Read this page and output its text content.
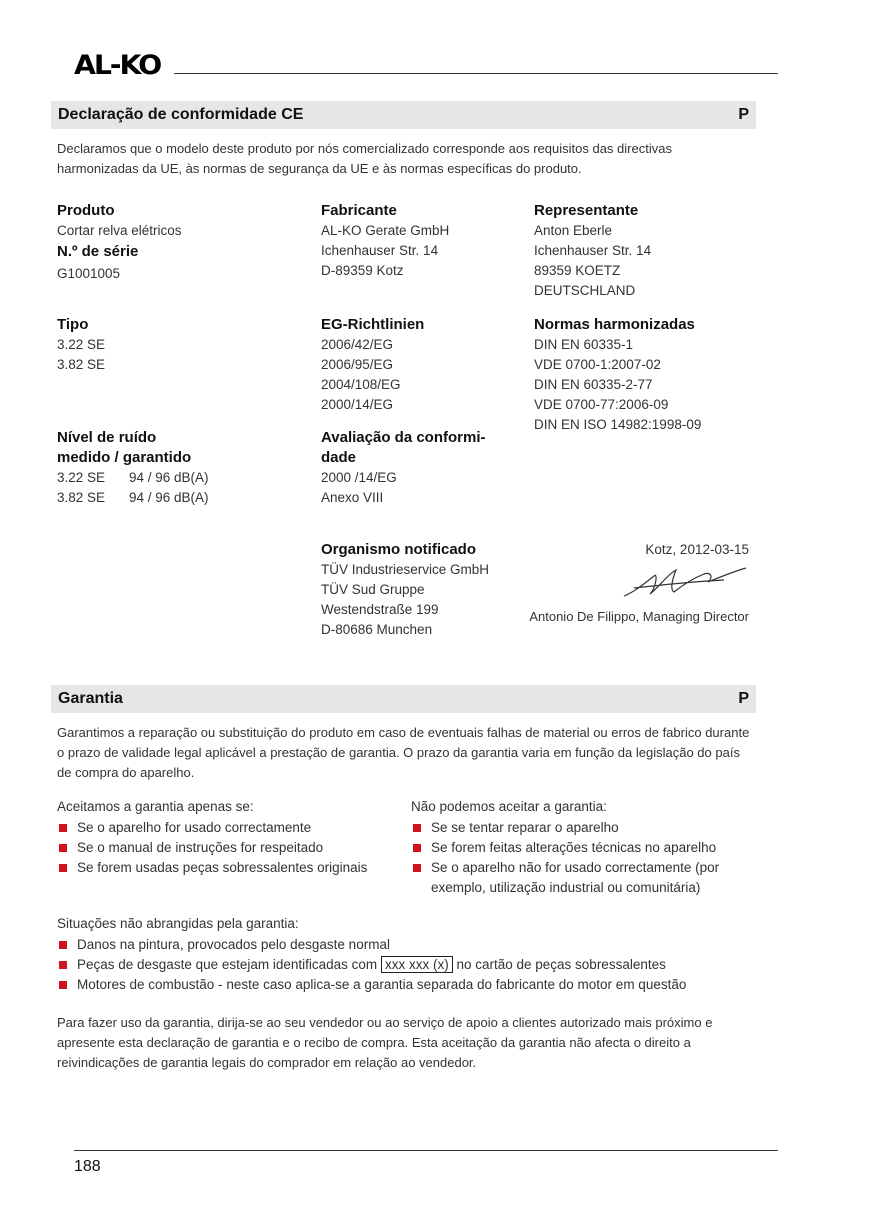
AL-KO
Declaração de conformidade CE	P
Declaramos que o modelo deste produto por nós comercializado corresponde aos requisitos das directivas harmonizadas da UE, às normas de segurança da UE e às normas específicas do produto.
Produto
Cortar relva elétricos
N.º de série
G1001005
Tipo
3.22 SE
3.82 SE
Nível de ruído
medido / garantido
3.22 SE	94 / 96 dB(A)
3.82 SE	94 / 96 dB(A)
Fabricante
AL-KO Gerate GmbH
Ichenhauser Str. 14
D-89359 Kotz
EG-Richtlinien
2006/42/EG
2006/95/EG
2004/108/EG
2000/14/EG
Avaliação da conformi-
dade
2000 /14/EG
Anexo VIII
Organismo notificado
TÜV Industrieservice GmbH
TÜV Sud Gruppe
Westendstraße 199
D-80686 Munchen
Representante
Anton Eberle
Ichenhauser Str. 14
89359 KOETZ
DEUTSCHLAND
Normas harmonizadas
DIN EN 60335-1
VDE 0700-1:2007-02
DIN EN 60335-2-77
VDE 0700-77:2006-09
DIN EN ISO 14982:1998-09
Kotz, 2012-03-15
Antonio De Filippo, Managing Director
Garantia	P
Garantimos a reparação ou substituição do produto em caso de eventuais falhas de material ou erros de fabrico durante o prazo de validade legal aplicável a prestação de garantia. O prazo da garantia varia em função da legislação do país de compra do aparelho.
Aceitamos a garantia apenas se:
Se o aparelho for usado correctamente
Se o manual de instruções for respeitado
Se forem usadas peças sobressalentes originais
Não podemos aceitar a garantia:
Se se tentar reparar o aparelho
Se forem feitas alterações técnicas no aparelho
Se o aparelho não for usado correctamente (por exemplo, utilização industrial ou comunitária)
Situações não abrangidas pela garantia:
Danos na pintura, provocados pelo desgaste normal
Peças de desgaste que estejam identificadas com xxx xxx (x) no cartão de peças sobressalentes
Motores de combustão - neste caso aplica-se a garantia separada do fabricante do motor em questão
Para fazer uso da garantia, dirija-se ao seu vendedor ou ao serviço de apoio a clientes autorizado mais próximo e apresente esta declaração de garantia e o recibo de compra. Esta aceitação da garantia não afecta o direito a reivindicações de garantia legais do comprador em relação ao vendedor.
188
